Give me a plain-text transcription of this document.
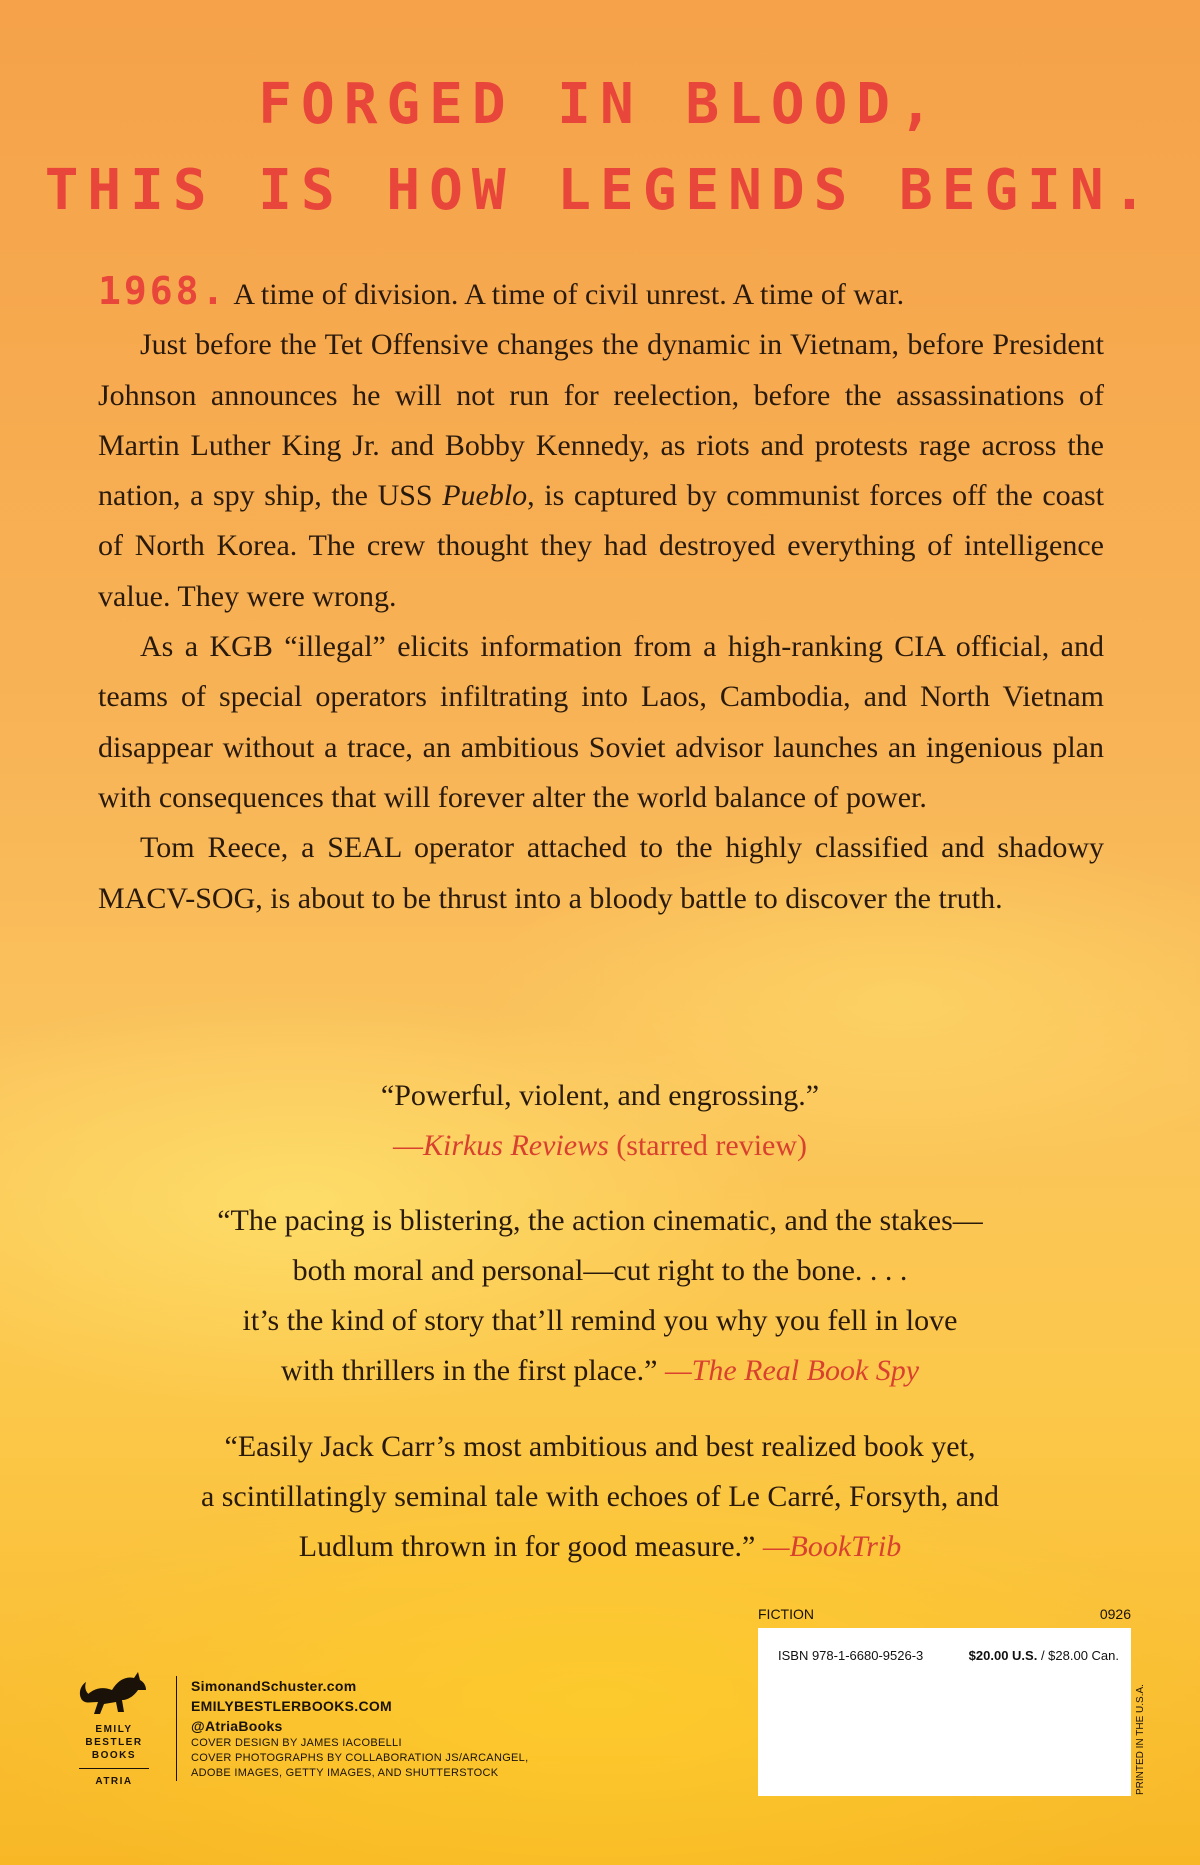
FORGED IN BLOOD,
THIS IS HOW LEGENDS BEGIN.

1968. A time of division. A time of civil unrest. A time of war.

Just before the Tet Offensive changes the dynamic in Vietnam, before President Johnson announces he will not run for reelection, before the assassinations of Martin Luther King Jr. and Bobby Kennedy, as riots and protests rage across the nation, a spy ship, the USS Pueblo, is captured by communist forces off the coast of North Korea. The crew thought they had destroyed everything of intelligence value. They were wrong.

As a KGB “illegal” elicits information from a high-ranking CIA official, and teams of special operators infiltrating into Laos, Cambodia, and North Vietnam disappear without a trace, an ambitious Soviet advisor launches an ingenious plan with consequences that will forever alter the world balance of power.

Tom Reece, a SEAL operator attached to the highly classified and shadowy MACV-SOG, is about to be thrust into a bloody battle to discover the truth.

“Powerful, violent, and engrossing.”
—Kirkus Reviews (starred review)
“The pacing is blistering, the action cinematic, and the stakes—
both moral and personal—cut right to the bone. . . .
it’s the kind of story that’ll remind you why you fell in love
with thrillers in the first place.” —The Real Book Spy
“Easily Jack Carr’s most ambitious and best realized book yet,
a scintillatingly seminal tale with echoes of Le Carré, Forsyth, and
Ludlum thrown in for good measure.” —BookTrib
EMILY
BESTLER
BOOKS
ATRIA
SimonandSchuster.com
EMILYBESTLERBOOKS.COM
@AtriaBooks
COVER DESIGN BY JAMES IACOBELLI
COVER PHOTOGRAPHS BY COLLABORATION JS/ARCANGEL,
ADOBE IMAGES, GETTY IMAGES, AND SHUTTERSTOCK
FICTION	0926
ISBN 978-1-6680-9526-3	$20.00 U.S. / $28.00 Can.
PRINTED IN THE U.S.A.
